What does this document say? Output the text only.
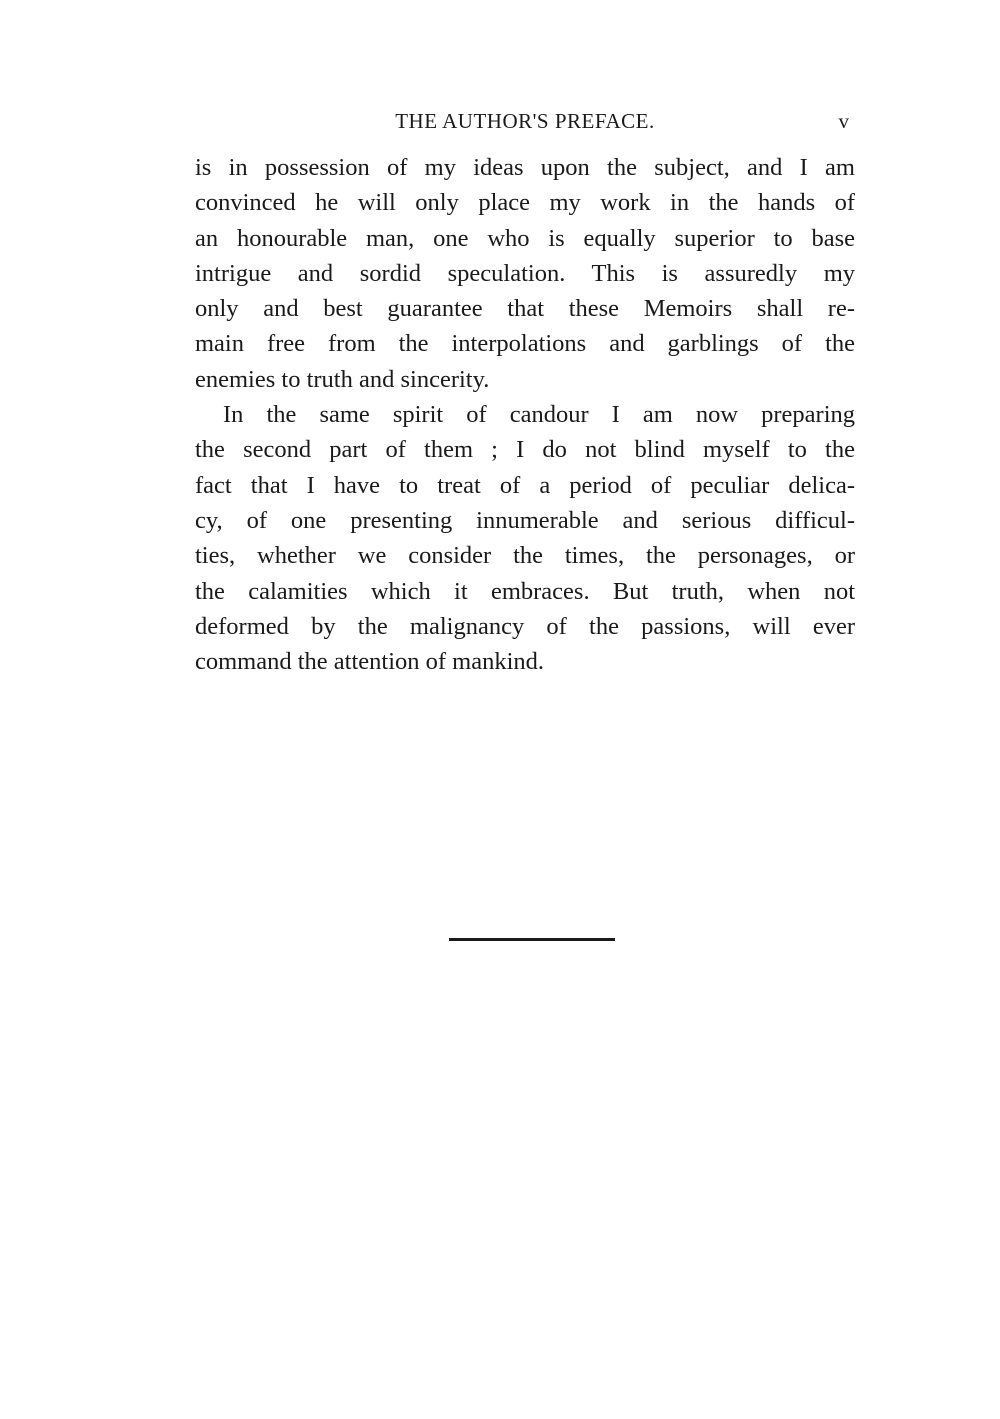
THE AUTHOR'S PREFACE.	v
is in possession of my ideas upon the subject, and I am
convinced he will only place my work in the hands of
an honourable man, one who is equally superior to base
intrigue and sordid speculation. This is assuredly my
only and best guarantee that these Memoirs shall re-
main free from the interpolations and garblings of the
enemies to truth and sincerity.
In the same spirit of candour I am now preparing
the second part of them ; I do not blind myself to the
fact that I have to treat of a period of peculiar delica-
cy, of one presenting innumerable and serious difficul-
ties, whether we consider the times, the personages, or
the calamities which it embraces. But truth, when not
deformed by the malignancy of the passions, will ever
command the attention of mankind.
